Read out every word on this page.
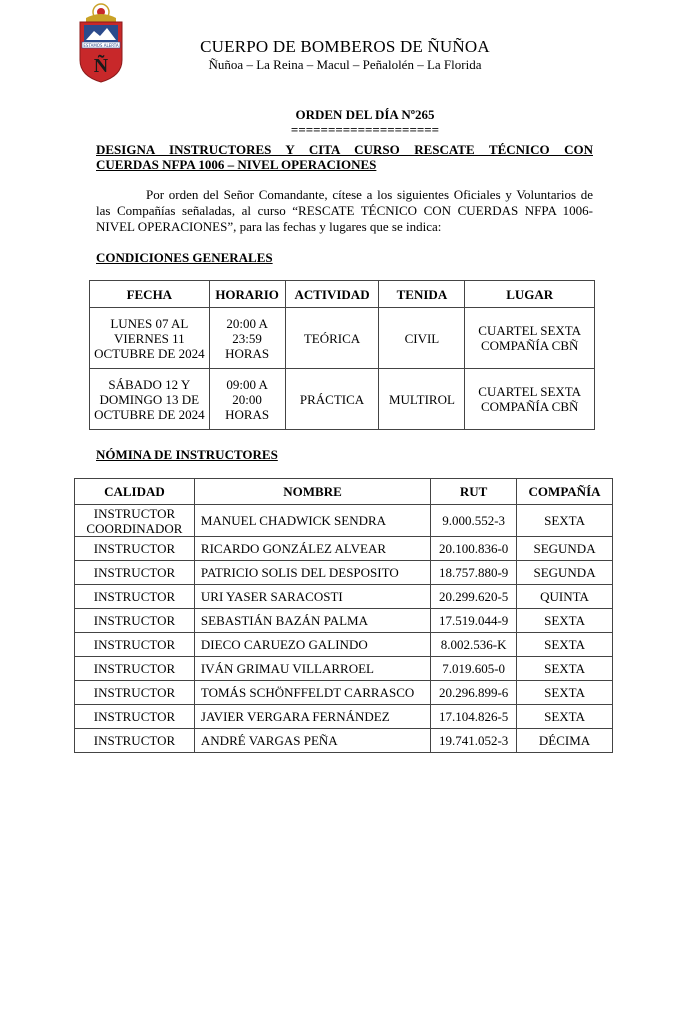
ESTAMOS ALERTA
Ñ
CUERPO DE BOMBEROS DE ÑUÑOA
Ñuñoa – La Reina – Macul – Peñalolén – La Florida
ORDEN DEL DÍA Nº265
====================
DESIGNA INSTRUCTORES Y CITA CURSO RESCATE TÉCNICO CON
CUERDAS NFPA 1006 – NIVEL OPERACIONES
Por orden del Señor Comandante, cítese a los siguientes Oficiales y Voluntarios de las Compañías señaladas, al curso “RESCATE TÉCNICO CON CUERDAS NFPA 1006-NIVEL OPERACIONES”, para las fechas y lugares que se indica:
CONDICIONES GENERALES
FECHA	HORARIO	ACTIVIDAD	TENIDA	LUGAR
LUNES 07 AL VIERNES 11 OCTUBRE DE 2024	20:00 A 23:59 HORAS	TEÓRICA	CIVIL	CUARTEL SEXTA COMPAÑÍA CBÑ
SÁBADO 12 Y DOMINGO 13 DE OCTUBRE DE 2024	09:00 A 20:00 HORAS	PRÁCTICA	MULTIROL	CUARTEL SEXTA COMPAÑÍA CBÑ
NÓMINA DE INSTRUCTORES
CALIDAD	NOMBRE	RUT	COMPAÑÍA
INSTRUCTOR COORDINADOR	MANUEL CHADWICK SENDRA	9.000.552-3	SEXTA
INSTRUCTOR	RICARDO GONZÁLEZ ALVEAR	20.100.836-0	SEGUNDA
INSTRUCTOR	PATRICIO SOLIS DEL DESPOSITO	18.757.880-9	SEGUNDA
INSTRUCTOR	URI YASER SARACOSTI	20.299.620-5	QUINTA
INSTRUCTOR	SEBASTIÁN BAZÁN PALMA	17.519.044-9	SEXTA
INSTRUCTOR	DIECO CARUEZO GALINDO	8.002.536-K	SEXTA
INSTRUCTOR	IVÁN GRIMAU VILLARROEL	7.019.605-0	SEXTA
INSTRUCTOR	TOMÁS SCHÖNFFELDT CARRASCO	20.296.899-6	SEXTA
INSTRUCTOR	JAVIER VERGARA FERNÁNDEZ	17.104.826-5	SEXTA
INSTRUCTOR	ANDRÉ VARGAS PEÑA	19.741.052-3	DÉCIMA
